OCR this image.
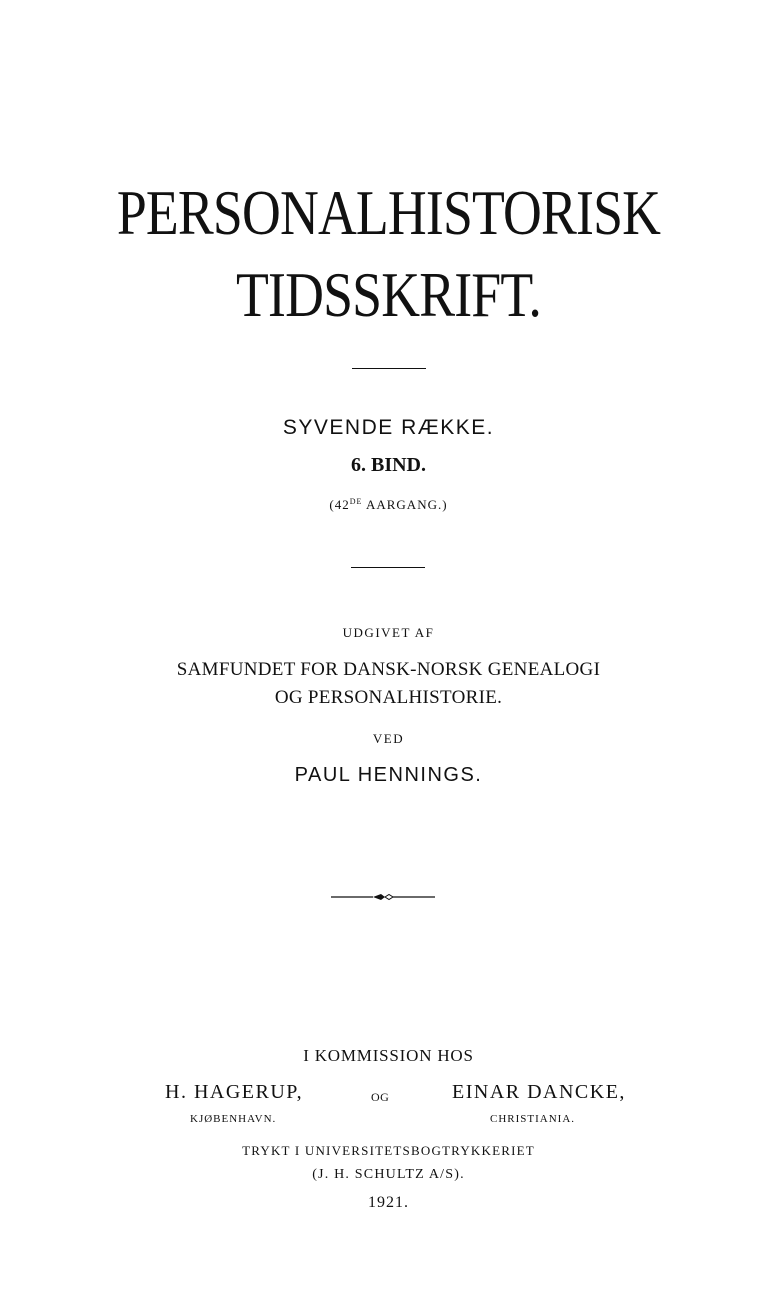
PERSONALHISTORISK
TIDSSKRIFT.
SYVENDE RÆKKE.
6. BIND.
(42DE AARGANG.)
UDGIVET AF
SAMFUNDET FOR DANSK-NORSK GENEALOGI
OG PERSONALHISTORIE.
VED
PAUL HENNINGS.
I KOMMISSION HOS
H. HAGERUP,	OG	EINAR DANCKE,
KJØBENHAVN.	CHRISTIANIA.
TRYKT I UNIVERSITETSBOGTRYKKERIET
(J. H. SCHULTZ A/S).
1921.
